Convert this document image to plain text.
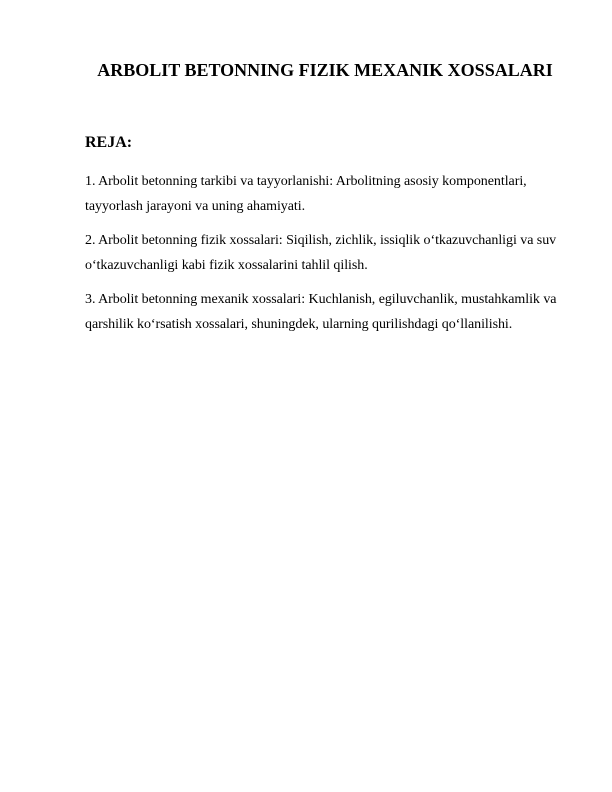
ARBOLIT BETONNING FIZIK MEXANIK XOSSALARI
REJA:
1. Arbolit betonning tarkibi va tayyorlanishi: Arbolitning asosiy komponentlari, tayyorlash jarayoni va uning ahamiyati.
2. Arbolit betonning fizik xossalari: Siqilish, zichlik, issiqlik o‘tkazuvchanligi va suv o‘tkazuvchanligi kabi fizik xossalarini tahlil qilish.
3. Arbolit betonning mexanik xossalari: Kuchlanish, egiluvchanlik, mustahkamlik va qarshilik ko‘rsatish xossalari, shuningdek, ularning qurilishdagi qo‘llanilishi.
